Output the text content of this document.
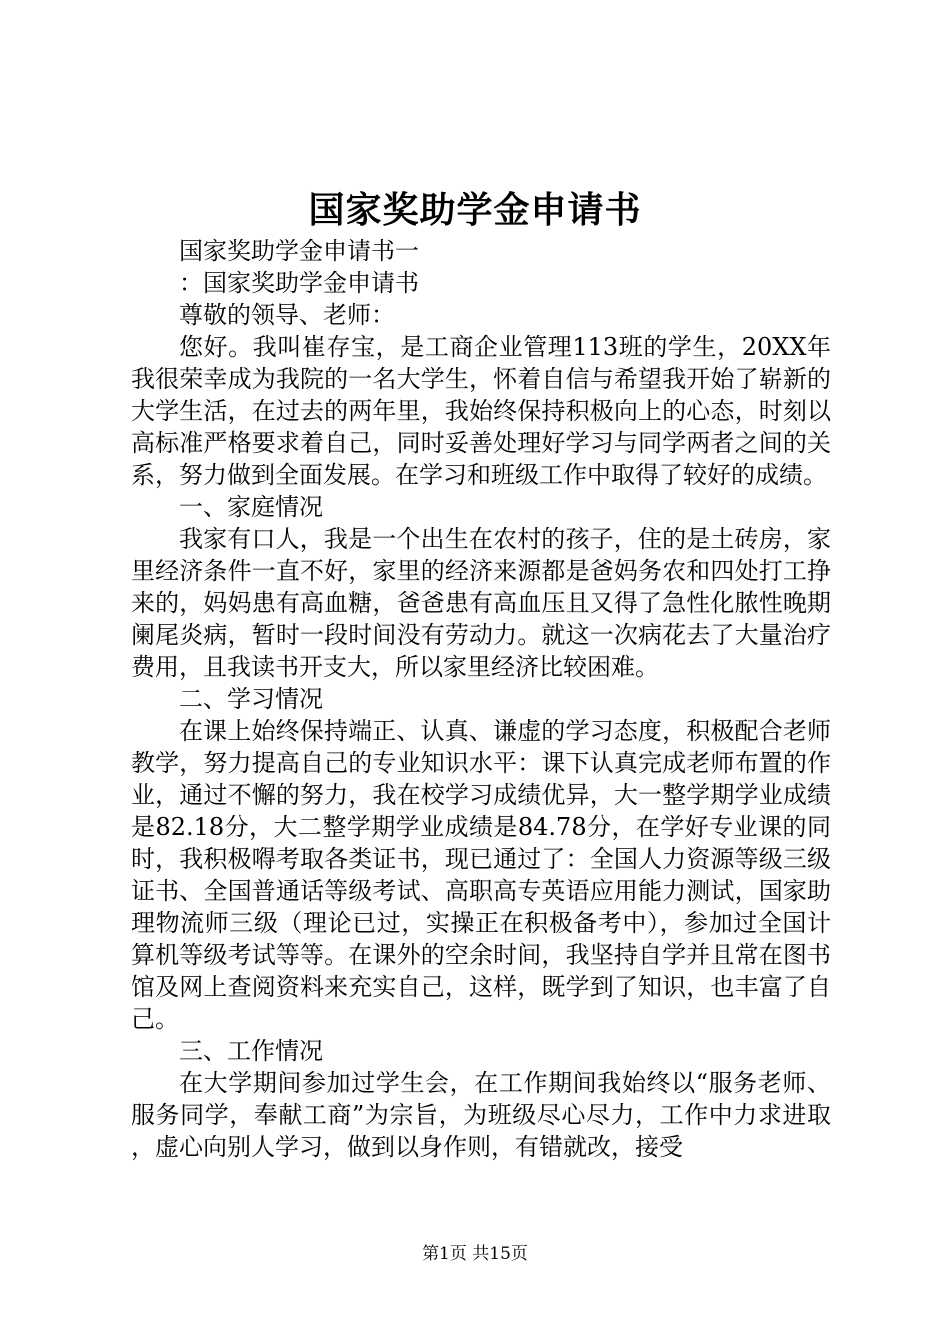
国家奖助学金申请书

国家奖助学金申请书一

：国家奖助学金申请书

尊敬的领导、老师：

您好。我叫崔存宝，是工商企业管理113班的学生，20XX年我很荣幸成为我院的一名大学生，怀着自信与希望我开始了崭新的大学生活，在过去的两年里，我始终保持积极向上的心态，时刻以高标准严格要求着自己，同时妥善处理好学习与同学两者之间的关系，努力做到全面发展。在学习和班级工作中取得了较好的成绩。

一、家庭情况

我家有口人，我是一个出生在农村的孩子，住的是土砖房，家里经济条件一直不好，家里的经济来源都是爸妈务农和四处打工挣来的，妈妈患有高血糖，爸爸患有高血压且又得了急性化脓性晚期阑尾炎病，暂时一段时间没有劳动力。就这一次病花去了大量治疗费用，且我读书开支大，所以家里经济比较困难。

二、学习情况

在课上始终保持端正、认真、谦虚的学习态度，积极配合老师教学，努力提高自己的专业知识水平：课下认真完成老师布置的作业，通过不懈的努力，我在校学习成绩优异，大一整学期学业成绩是82.18分，大二整学期学业成绩是84.78分，在学好专业课的同时，我积极嘚考取各类证书，现已通过了：全国人力资源等级三级证书、全国普通话等级考试、高职高专英语应用能力测试，国家助理物流师三级（理论已过，实操正在积极备考中），参加过全国计算机等级考试等等。在课外的空余时间，我坚持自学并且常在图书馆及网上查阅资料来充实自己，这样，既学到了知识，也丰富了自己。

三、工作情况

在大学期间参加过学生会，在工作期间我始终以“服务老师、服务同学，奉献工商”为宗旨，为班级尽心尽力，工作中力求进取，虚心向别人学习，做到以身作则，有错就改，接受

第1页 共15页
